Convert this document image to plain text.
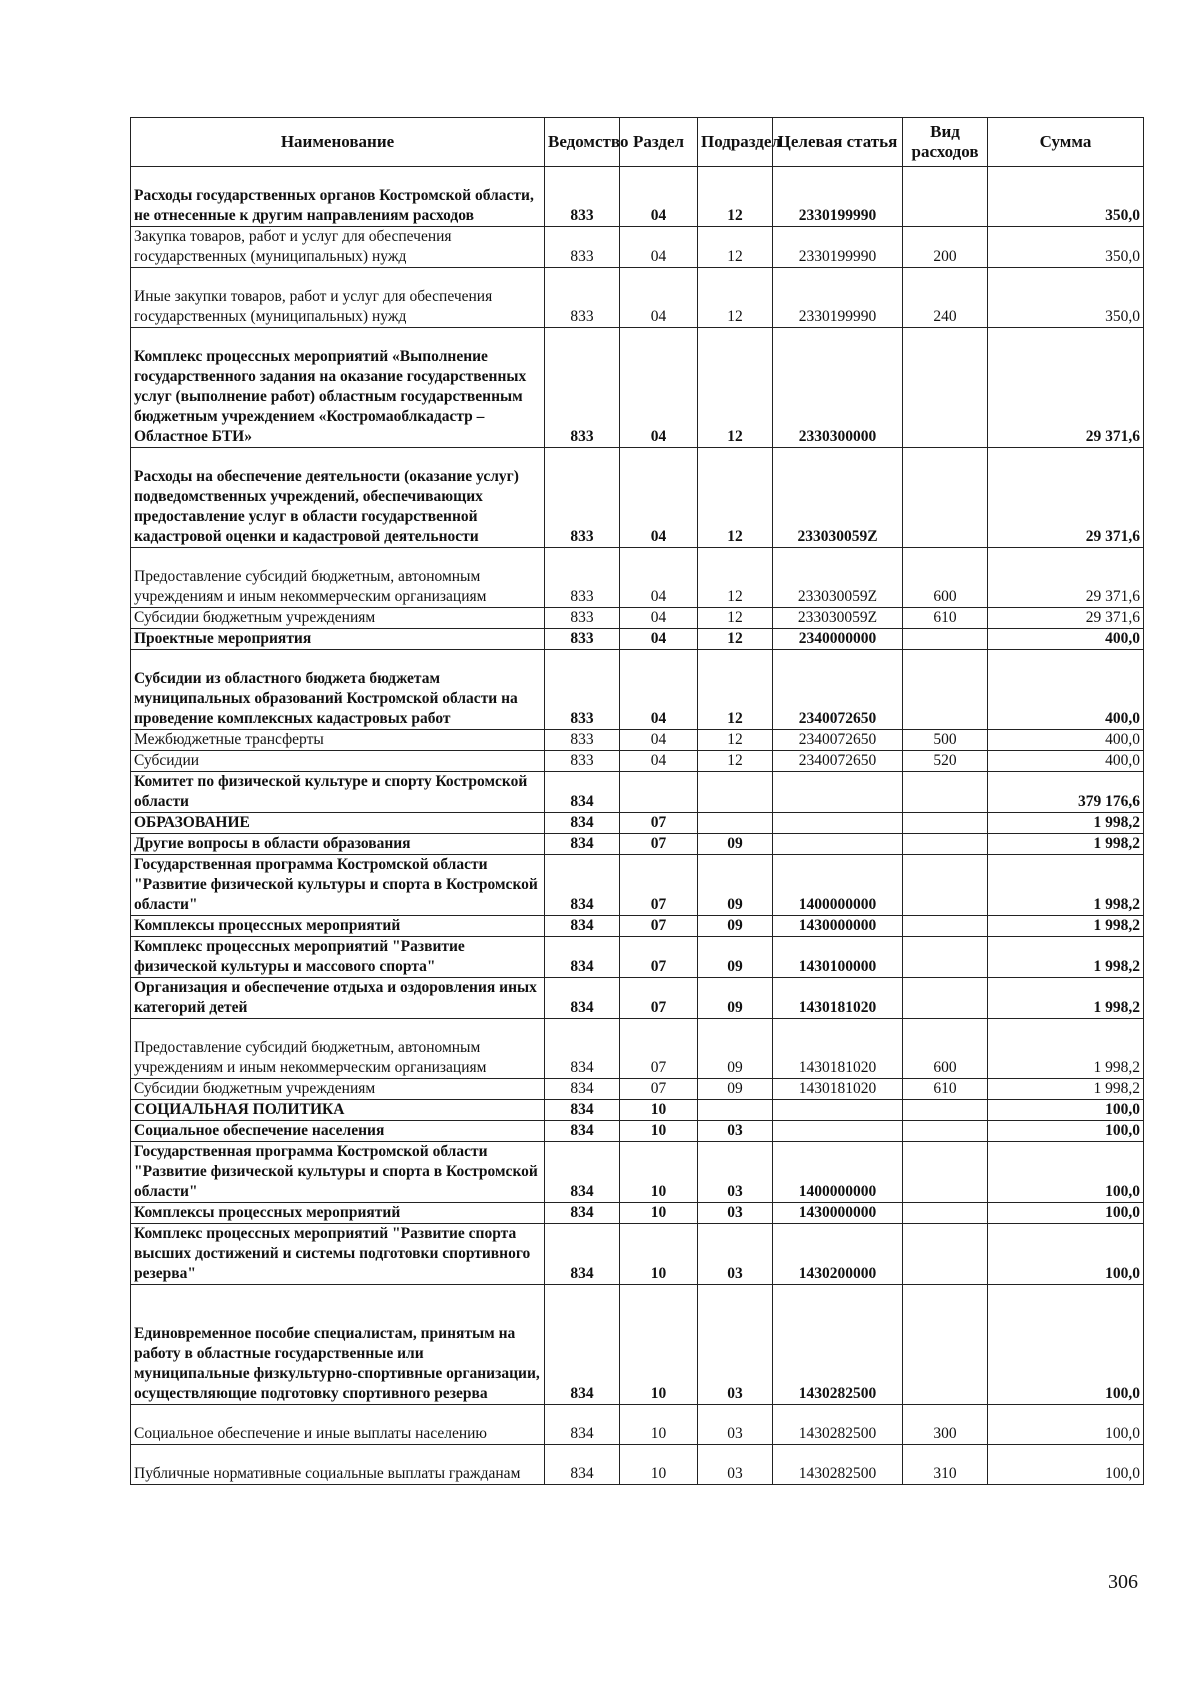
Наименование	Ведомство	Раздел	Подраздел	Целевая статья	Вид расходов	Сумма
Расходы государственных органов Костромской области, не отнесенные к другим направлениям расходов	833	04	12	2330199990		350,0
Закупка товаров, работ и услуг для обеспечения государственных (муниципальных) нужд	833	04	12	2330199990	200	350,0
Иные закупки товаров, работ и услуг для обеспечения государственных (муниципальных) нужд	833	04	12	2330199990	240	350,0
Комплекс процессных мероприятий «Выполнение государственного задания на оказание государственных услуг (выполнение работ) областным государственным бюджетным учреждением «Костромаоблкадастр – Областное БТИ»	833	04	12	2330300000		29 371,6
Расходы на обеспечение деятельности (оказание услуг) подведомственных учреждений, обеспечивающих предоставление услуг в области государственной кадастровой оценки и кадастровой деятельности	833	04	12	233030059Z		29 371,6
Предоставление субсидий бюджетным, автономным учреждениям и иным некоммерческим организациям	833	04	12	233030059Z	600	29 371,6
Субсидии бюджетным учреждениям	833	04	12	233030059Z	610	29 371,6
Проектные мероприятия	833	04	12	2340000000		400,0
Субсидии из областного бюджета бюджетам муниципальных образований Костромской области на проведение комплексных кадастровых работ	833	04	12	2340072650		400,0
Межбюджетные трансферты	833	04	12	2340072650	500	400,0
Субсидии	833	04	12	2340072650	520	400,0
Комитет по физической культуре и спорту Костромской области	834					379 176,6
ОБРАЗОВАНИЕ	834	07				1 998,2
Другие вопросы в области образования	834	07	09			1 998,2
Государственная программа Костромской области "Развитие физической культуры и спорта в Костромской области"	834	07	09	1400000000		1 998,2
Комплексы процессных мероприятий	834	07	09	1430000000		1 998,2
Комплекс процессных мероприятий "Развитие физической культуры и массового спорта"	834	07	09	1430100000		1 998,2
Организация и обеспечение отдыха и оздоровления иных категорий детей	834	07	09	1430181020		1 998,2
Предоставление субсидий бюджетным, автономным учреждениям и иным некоммерческим организациям	834	07	09	1430181020	600	1 998,2
Субсидии бюджетным учреждениям	834	07	09	1430181020	610	1 998,2
СОЦИАЛЬНАЯ ПОЛИТИКА	834	10				100,0
Социальное обеспечение населения	834	10	03			100,0
Государственная программа Костромской области "Развитие физической культуры и спорта в Костромской области"	834	10	03	1400000000		100,0
Комплексы процессных мероприятий	834	10	03	1430000000		100,0
Комплекс процессных мероприятий "Развитие спорта высших достижений и системы подготовки спортивного резерва"	834	10	03	1430200000		100,0
Единовременное пособие специалистам, принятым на работу в областные государственные или муниципальные физкультурно-спортивные организации, осуществляющие подготовку спортивного резерва	834	10	03	1430282500		100,0
Социальное обеспечение и иные выплаты населению	834	10	03	1430282500	300	100,0
Публичные нормативные социальные выплаты гражданам	834	10	03	1430282500	310	100,0
306
